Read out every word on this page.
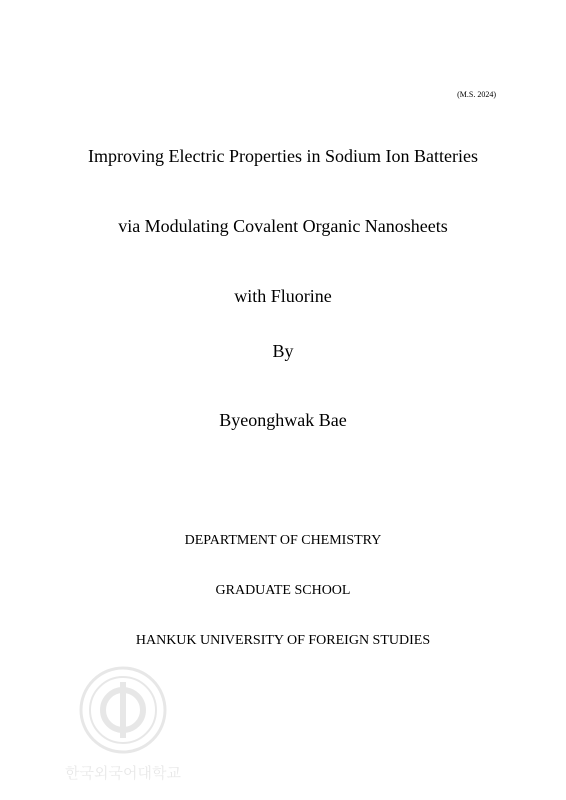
(M.S. 2024)
Improving Electric Properties in Sodium Ion Batteries
via Modulating Covalent Organic Nanosheets
with Fluorine
By
Byeonghwak Bae
DEPARTMENT OF CHEMISTRY
GRADUATE SCHOOL
HANKUK UNIVERSITY OF FOREIGN STUDIES
한국외국어대학교
